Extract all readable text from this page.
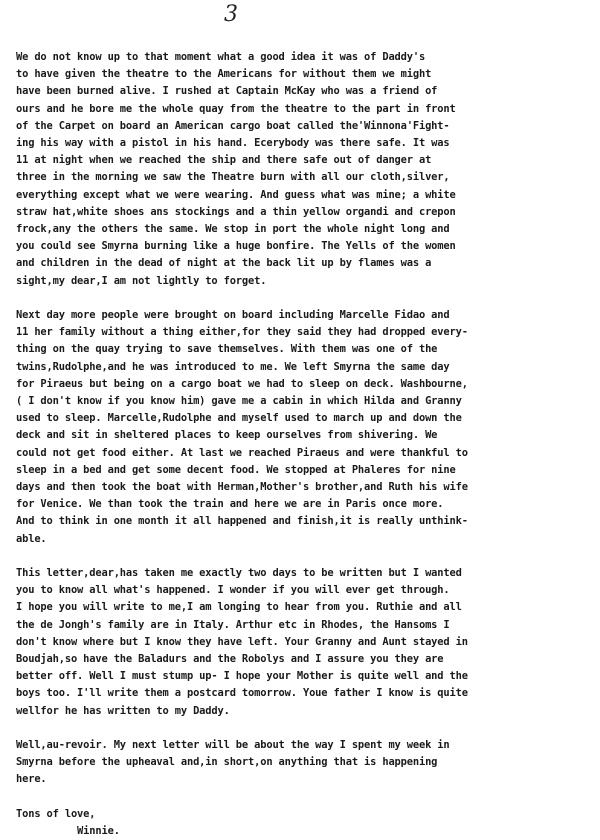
3
We do not know up to that moment what a good idea it was of Daddy's
to have given the theatre to the Americans for without them we might
have been burned alive. I rushed at Captain McKay who was a friend of
ours and he bore me the whole quay from the theatre to the part in front
of the Carpet on board an American cargo boat called the'Winnona'Fight-
ing his way with a pistol in his hand. Ecerybody was there safe. It was
11 at night when we reached the ship and there safe out of danger at
three in the morning we saw the Theatre burn with all our cloth,silver,
everything except what we were wearing. And guess what was mine; a white
straw hat,white shoes ans stockings and a thin yellow organdi and crepon
frock,any the others the same. We stop in port the whole night long and
you could see Smyrna burning like a huge bonfire. The Yells of the women
and children in the dead of night at the back lit up by flames was a
sight,my dear,I am not lightly to forget.
Next day more people were brought on board including Marcelle Fidao and
11 her family without a thing either,for they said they had dropped every-
thing on the quay trying to save themselves. With them was one of the
twins,Rudolphe,and he was introduced to me. We left Smyrna the same day
for Piraeus but being on a cargo boat we had to sleep on deck. Washbourne,
( I don't know if you know him) gave me a cabin in which Hilda and Granny
used to sleep. Marcelle,Rudolphe and myself used to march up and down the
deck and sit in sheltered places to keep ourselves from shivering. We
could not get food either. At last we reached Piraeus and were thankful to
sleep in a bed and get some decent food. We stopped at Phaleres for nine
days and then took the boat with Herman,Mother's brother,and Ruth his wife
for Venice. We than took the train and here we are in Paris once more.
And to think in one month it all happened and finish,it is really unthink-
able.
This letter,dear,has taken me exactly two days to be written but I wanted
you to know all what's happened. I wonder if you will ever get through.
I hope you will write to me,I am longing to hear from you. Ruthie and all
the de Jongh's family are in Italy. Arthur etc in Rhodes, the Hansoms I
don't know where but I know they have left. Your Granny and Aunt stayed in
Boudjah,so have the Baladurs and the Robolys and I assure you they are
better off. Well I must stump up- I hope your Mother is quite well and the
boys too. I'll write them a postcard tomorrow. Youe father I know is quite
wellfor he has written to my Daddy.
Well,au-revoir. My next letter will be about the way I spent my week in
Smyrna before the upheaval and,in short,on anything that is happening
here.
Tons of love,
Winnie.
